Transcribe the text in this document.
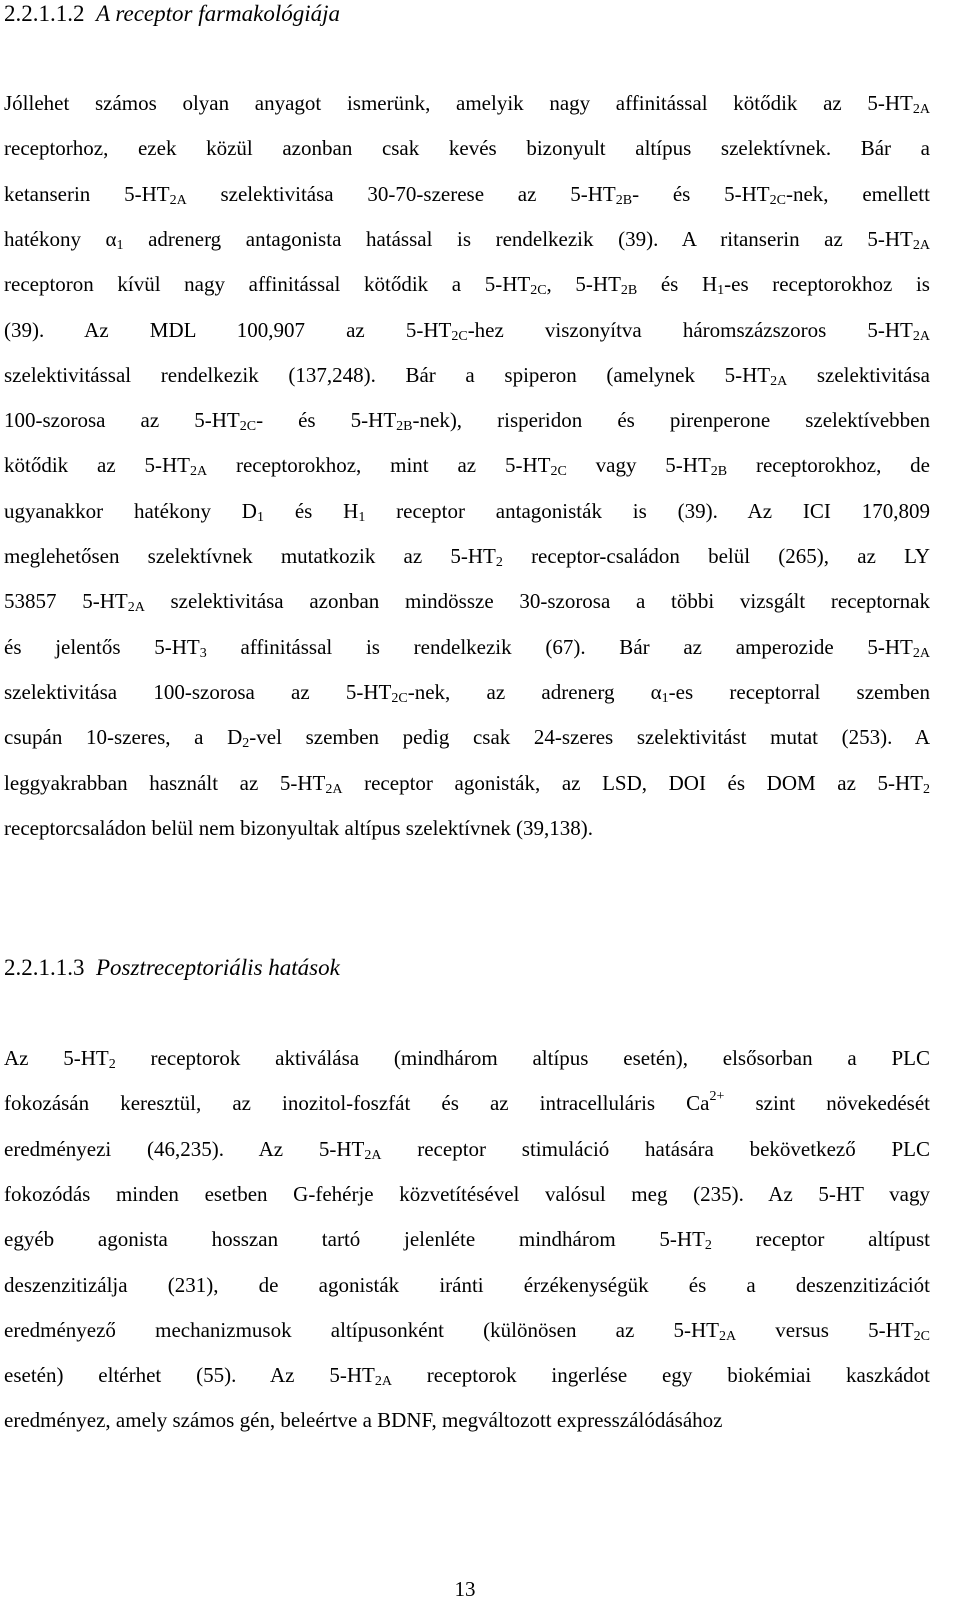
2.2.1.1.2 A receptor farmakológiája
Jóllehet számos olyan anyagot ismerünk, amelyik nagy affinitással kötődik az $5-HT_{2A}$
receptorhoz, ezek közül azonban csak kevés bizonyult altípus szelektívnek. Bár a
ketanserin $5-HT_{2A}$ szelektivitása 30-70-szerese az $5-HT_{2B}-$ és $5-HT_{2C}$-nek, emellett
hatékony $\alpha_1$ adrenerg antagonista hatással is rendelkezik (39). A ritanserin az $5-HT_{2A}$
receptoron kívül nagy affinitással kötődik a $5-HT_{2C}$, $5-HT_{2B}$ és $H_1-es$ receptorokhoz is
(39). Az MDL 100,907 az $5-HT_{2C}$-hez viszonyítva háromszázszoros $5-HT_{2A}$
szelektivitással rendelkezik (137,248). Bár a spiperon (amelynek $5-HT_{2A}$ szelektivitása
100-szorosa az $5-HT_{2C}-$ és $5-HT_{2B}-nek$), risperidon és pirenperone szelektívebben
kötődik az $5-HT_{2A}$ receptorokhoz, mint az $5-HT_{2C}$ vagy $5-HT_{2B}$ receptorokhoz, de
ugyanakkor hatékony $D_1$ és $H_1$ receptor antagonisták is (39). Az ICI 170,809
meglehetősen szelektívnek mutatkozik az $5-HT_2$ receptor-családon belül (265), az LY
53857 $5-HT_{2A}$ szelektivitása azonban mindössze 30-szorosa a többi vizsgált receptornak
és jelentős $5-HT_3$ affinitással is rendelkezik (67). Bár az amperozide $5-HT_{2A}$
szelektivitása 100-szorosa az $5-HT_{2C}$-nek, az adrenerg $\alpha_1-es$ receptorral szemben
csupán 10-szeres, a $D_2$-vel szemben pedig csak 24-szeres szelektivitást mutat (253). A
leggyakrabban használt az $5-HT_{2A}$ receptor agonisták, az LSD, DOI és DOM az $5-HT_2$
receptorcsaládon belül nem bizonyultak altípus szelektívnek (39,138).
2.2.1.1.3 Posztreceptoriális hatások
Az $5-HT_2$ receptorok aktiválása (mindhárom altípus esetén), elsősorban a PLC
fokozásán keresztül, az inozitol-foszfát és az intracelluláris $Ca^{2+}$ szint növekedését
eredményezi (46,235). Az $5-HT_{2A}$ receptor stimuláció hatására bekövetkező PLC
fokozódás minden esetben G-fehérje közvetítésével valósul meg (235). Az 5-HT vagy
egyéb agonista hosszan tartó jelenléte mindhárom $5-HT_2$ receptor altípust
deszenzitizálja (231), de agonisták iránti érzékenységük és a deszenzitizációt
eredményező mechanizmusok altípusonként (különösen az $5-HT_{2A}$ versus $5-HT_{2C}$
esetén) eltérhet (55). Az $5-HT_{2A}$ receptorok ingerlése egy biokémiai kaszkádot
eredményez, amely számos gén, beleértve a BDNF, megváltozott expresszálódásához
13
